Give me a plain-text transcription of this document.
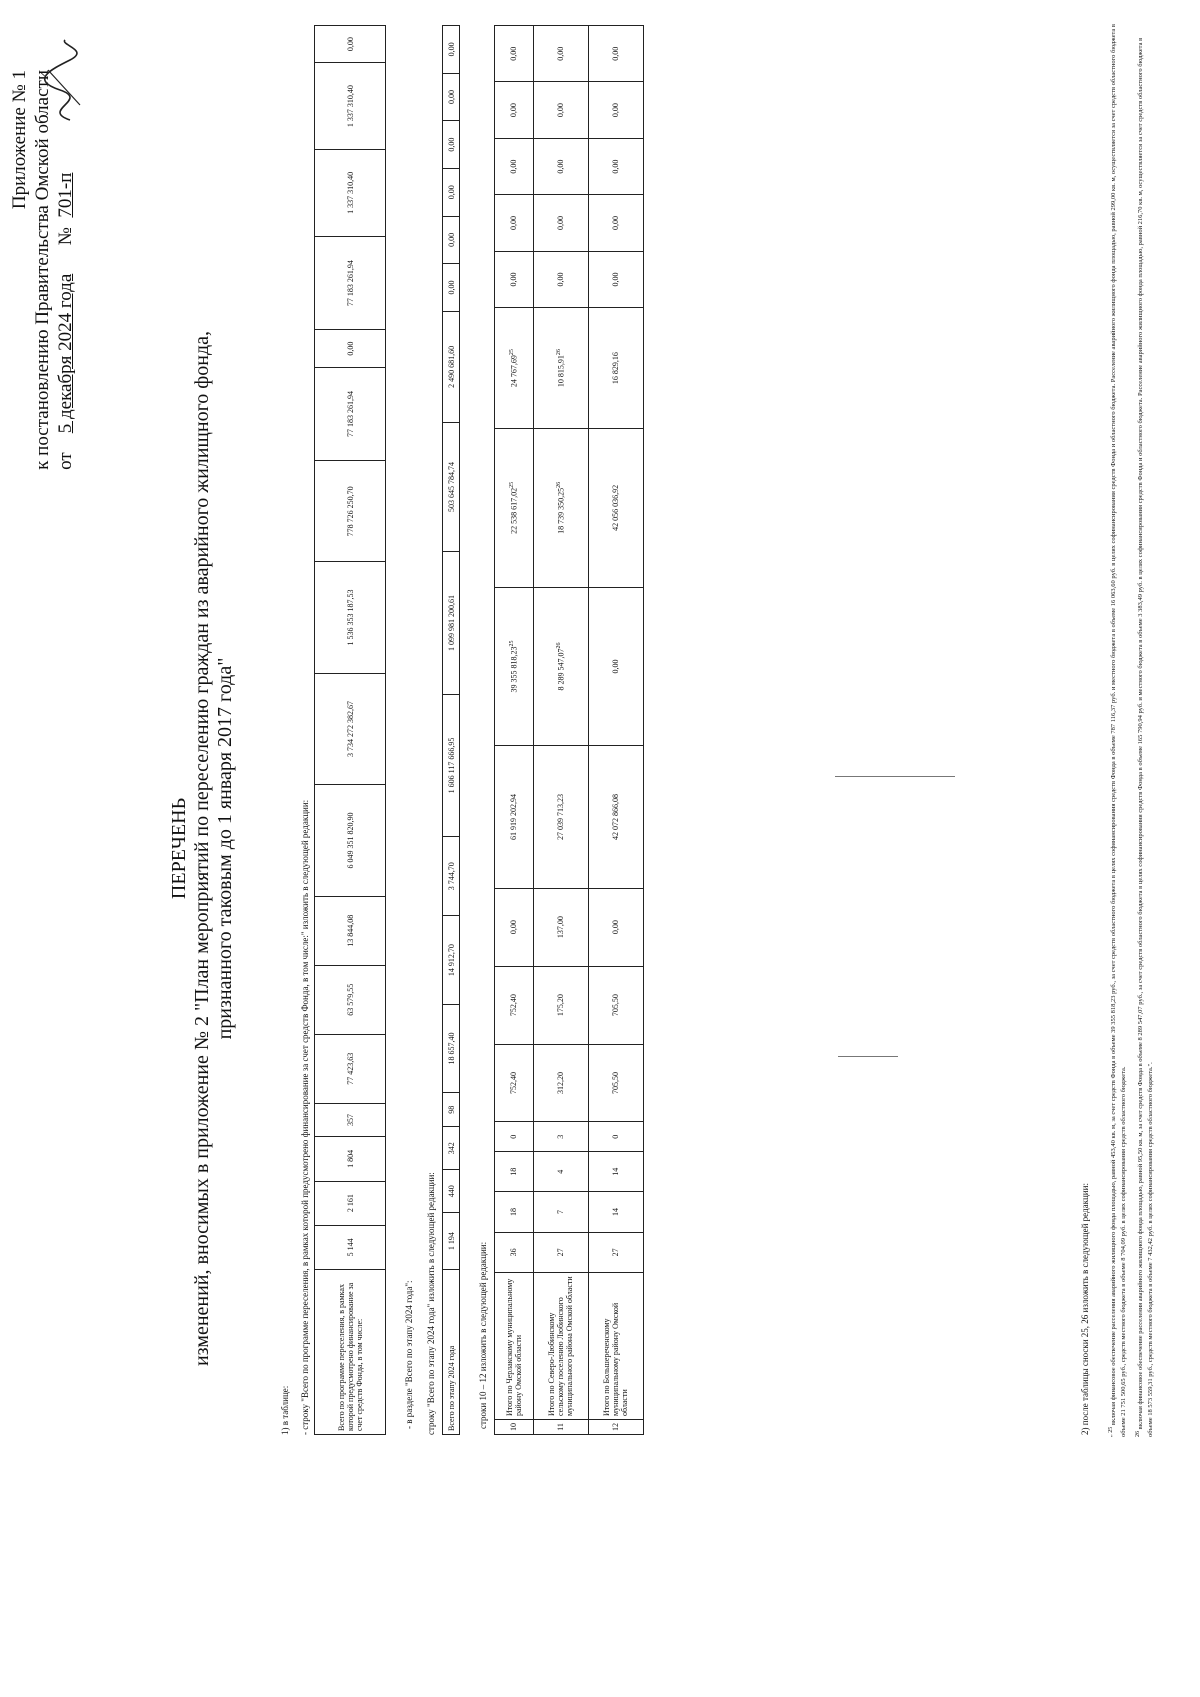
Приложение № 1 к постановлению Правительства Омской области от    5 декабря 2024 года      №  701-п
ПЕРЕЧЕНЬ изменений, вносимых в приложение № 2 "План мероприятий по переселению граждан из аварийного жилищного фонда, признанного таковым до 1 января 2017 года"
1) в таблице: - строку "Всего по программе переселения, в рамках которой предусмотрено финансирование за счет средств Фонда, в том числе:" изложить в следующей редакции:	Всего по программе переселения, в рамках которой предусмотрено финансирование за счет средств Фонда, в том числе:	5 144	2 161	1 804	357	77 423,63	63 579,55	13 844,08	6 049 351 820,90	3 734 272 382,67	1 536 353 187,53	778 726 250,70	77 183 261,94	0,00	77 183 261,94	1 337 310,40	1 337 310,40	0,00
- в разделе "Всего по этапу 2024 года": строку "Всего по этапу 2024 года" изложить в следующей редакции: Всего по этапу 2024 года	1 194	440	342	98	18 657,40	14 912,70	3 744,70	1 606 117 666,95	1 099 981 200,61	503 645 784,74	2 490 681,60	0,00	0,00	0,00	0,00	0,00	0,00
строки 10 – 12 изложить в следующей редакции:	10	Итого по Черлакскому муниципальному району Омской области	36	18	18	0	752,40	752,40	0,00	61 919 202,94	39 355 818,23$^{25}$	22 538 617,02$^{25}$	24 767,69$^{25}$	0,00	0,00	0,00	0,00	0,00
11	Итого по Северо-Любинскому сельскому поселению Любинского муниципального района Омской области	27	7	4	3	312,20	175,20	137,00	27 039 713,23	8 289 547,07$^{26}$	18 739 350,25$^{26}$	10 815,91$^{26}$	0,00	0,00	0,00	0,00	0,00
12	Итого по Большереченскому муниципальному району Омской области	27	14	14	0	705,50	705,50	0,00	42 072 866,08	0,00	42 056 036,92	16 829,16	0,00	0,00	0,00	0,00	0,00
2) после таблицы сноски 25, 26 изложить в следующей редакции:
" $^{25}$ включая финансовое обеспечение расселения аварийного жилищного фонда площадью, равной 453,40 кв. м, за счет средств Фонда в объеме 39 355 818,23 руб., за счет средств областного бюджета в целях софинансирования средств Фонда в объеме 787 116,37 руб. и местного бюджета в объеме 16 063,60 руб. в целях софинансирования средств Фонда и областного бюджета. Расселение аварийного жилищного фонда площадью, равной 299,00 кв. м, осуществляется за счет средств областного бюджета в объеме 21 751 500,65 руб., средств местного бюджета в объеме 8 704,09 руб. в целях софинансирования средств областного бюджета.	$^{26}$ включая финансовое обеспечение расселения аварийного жилищного фонда площадью, равной 95,50 кв. м, за счет средств Фонда в объеме 8 289 547,07 руб., за счет средств областного бюджета в целях софинансирования средств Фонда в объеме 165 790,94 руб. и местного бюджета в объеме 3 383,49 руб. в целях софинансирования средств Фонда и областного бюджета. Расселение аварийного жилищного фонда площадью, равной 216,70 кв. м, осуществляется за счет средств областного бюджета в объеме 18 573 559,31 руб., средств местного бюджета в объеме 7 432,42 руб. в целях софинансирования средств областного бюджета.".
